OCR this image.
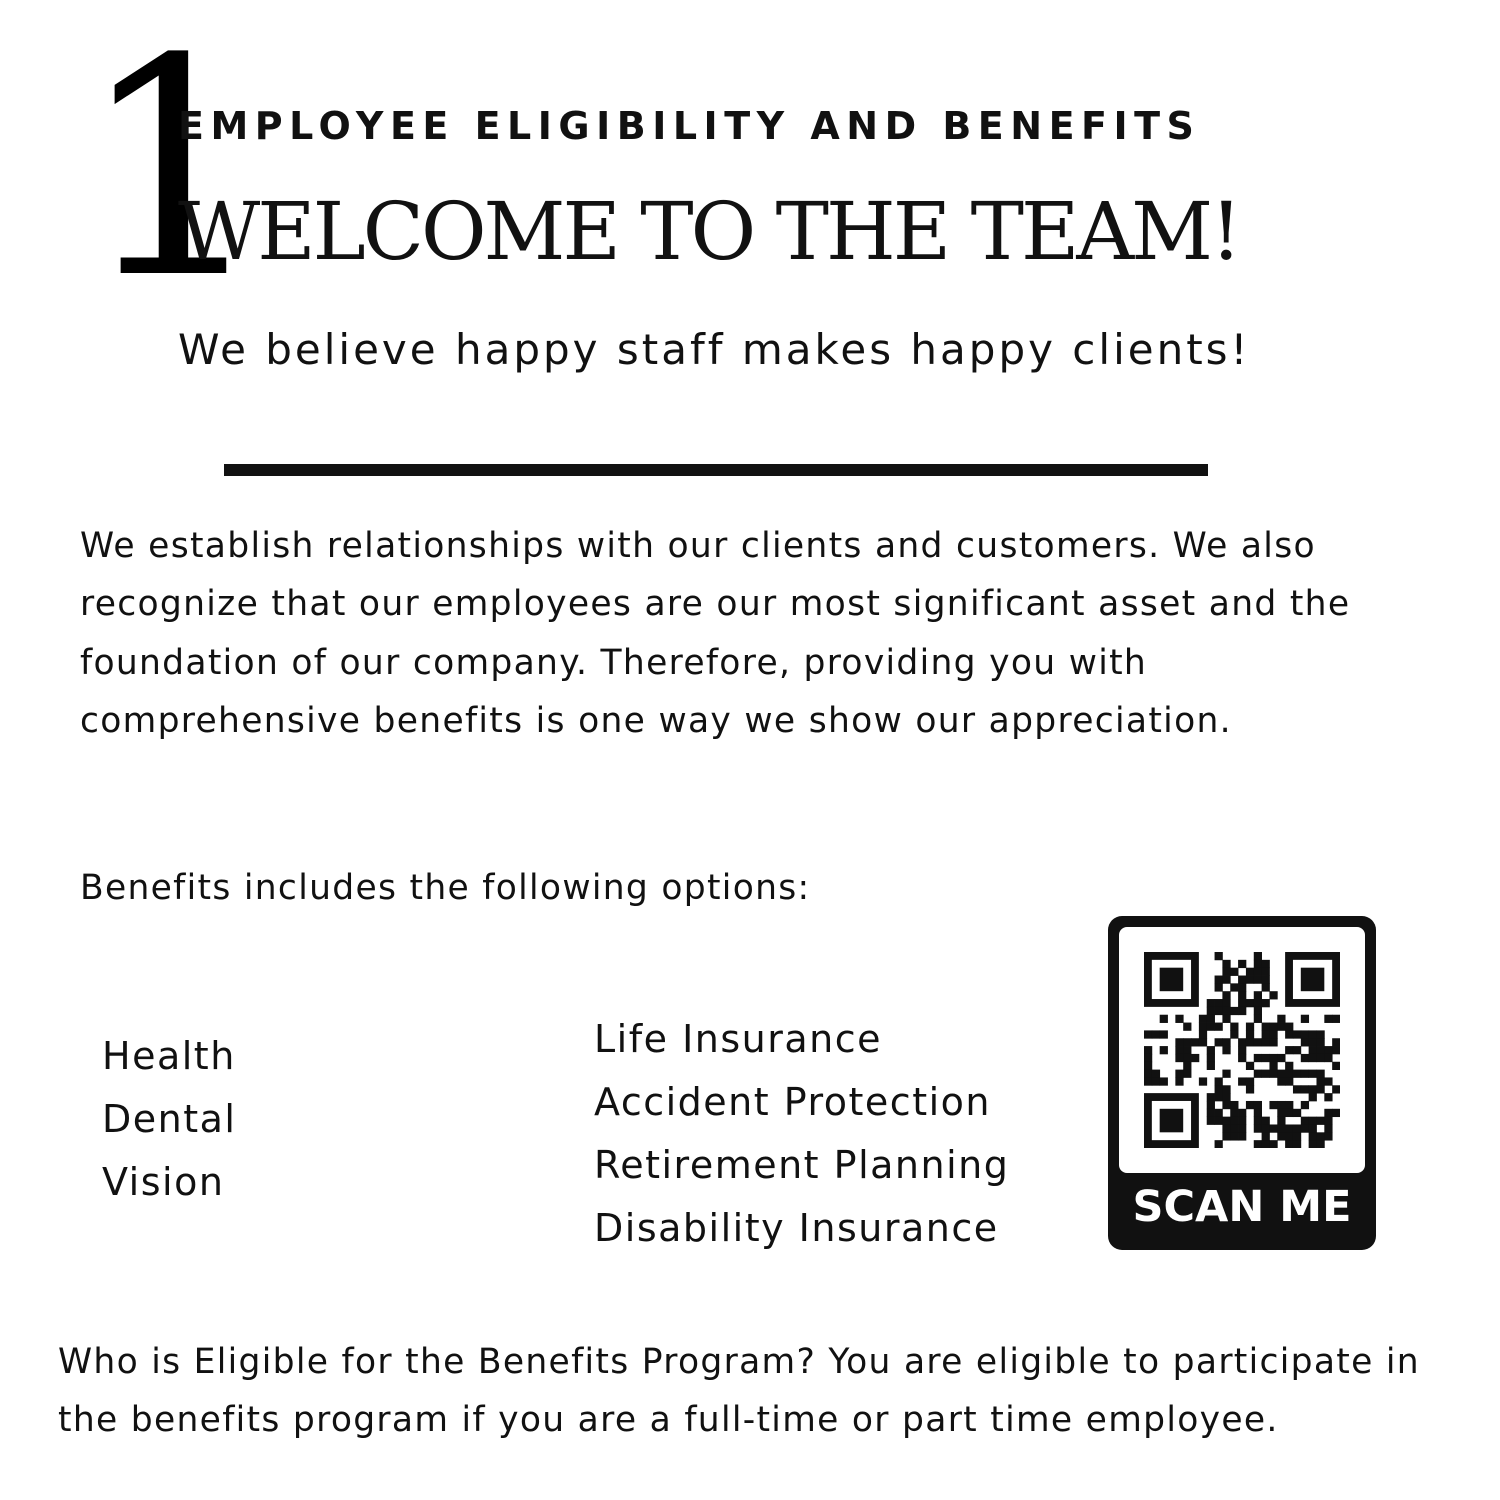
1
EMPLOYEE ELIGIBILITY AND BENEFITS
WELCOME TO THE TEAM!
We believe happy staff makes happy clients!

We establish relationships with our clients and customers. We also recognize that our employees are our most significant asset and the foundation of our company. Therefore, providing you with comprehensive benefits is one way we show our appreciation.

Benefits includes the following options:
Health
Dental
Vision
Life Insurance
Accident Protection
Retirement Planning
Disability Insurance	SCAN ME

Who is Eligible for the Benefits Program? You are eligible to participate in the benefits program if you are a full-time or part time employee.
